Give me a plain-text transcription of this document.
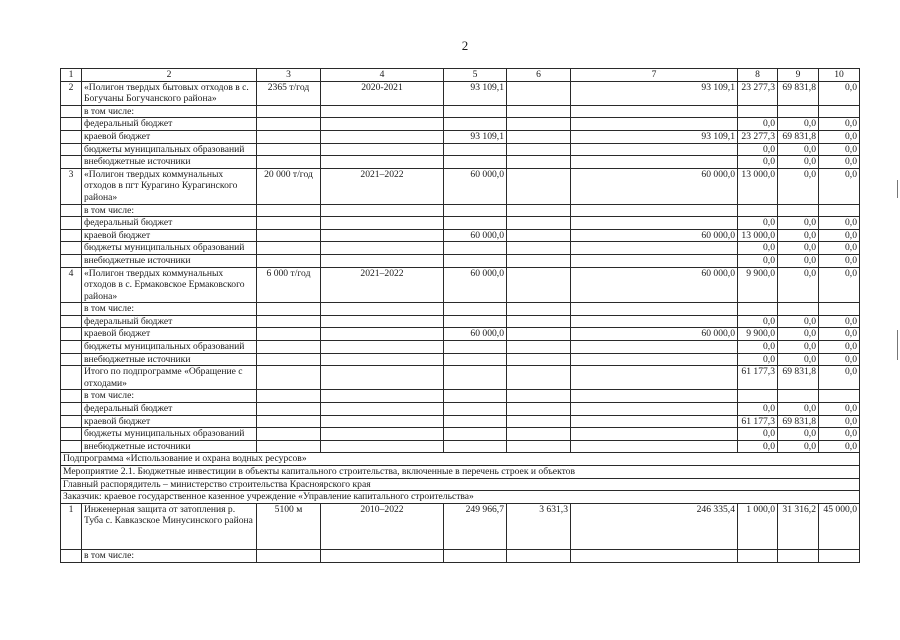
2
1	2	3	4	5	6	7	8	9	10
2	«Полигон твердых бытовых отходов в с. Богучаны Богучанского района»	2365 т/год	2020-2021	93 109,1		93 109,1	23 277,3	69 831,8	0,0
	в том числе:								
	федеральный бюджет						0,0	0,0	0,0
	краевой бюджет			93 109,1		93 109,1	23 277,3	69 831,8	0,0
	бюджеты муниципальных образований						0,0	0,0	0,0
	внебюджетные источники						0,0	0,0	0,0
3	«Полигон твердых коммунальных отходов в пгт Курагино Курагинского района»	20 000 т/год	2021–2022	60 000,0		60 000,0	13 000,0	0,0	0,0
	в том числе:								
	федеральный бюджет						0,0	0,0	0,0
	краевой бюджет			60 000,0		60 000,0	13 000,0	0,0	0,0
	бюджеты муниципальных образований						0,0	0,0	0,0
	внебюджетные источники						0,0	0,0	0,0
4	«Полигон твердых коммунальных отходов в с. Ермаковское Ермаковского района»	6 000 т/год	2021–2022	60 000,0		60 000,0	9 900,0	0,0	0,0
	в том числе:								
	федеральный бюджет						0,0	0,0	0,0
	краевой бюджет			60 000,0		60 000,0	9 900,0	0,0	0,0
	бюджеты муниципальных образований						0,0	0,0	0,0
	внебюджетные источники						0,0	0,0	0,0
	Итого по подпрограмме «Обращение с отходами»						61 177,3	69 831,8	0,0
	в том числе:								
	федеральный бюджет						0,0	0,0	0,0
	краевой бюджет						61 177,3	69 831,8	0,0
	бюджеты муниципальных образований						0,0	0,0	0,0
	внебюджетные источники						0,0	0,0	0,0
Подпрограмма «Использование и охрана водных ресурсов»									
Мероприятие 2.1. Бюджетные инвестиции в объекты капитального строительства, включенные в перечень строек и объектов									
Главный распорядитель – министерство строительства Красноярского края									
Заказчик: краевое государственное казенное учреждение «Управление капитального строительства»									
1	Инженерная защита от затопления р. Туба с. Кавказское Минусинского района	5100 м	2010–2022	249 966,7	3 631,3	246 335,4	1 000,0	31 316,2	45 000,0
	в том числе:								
